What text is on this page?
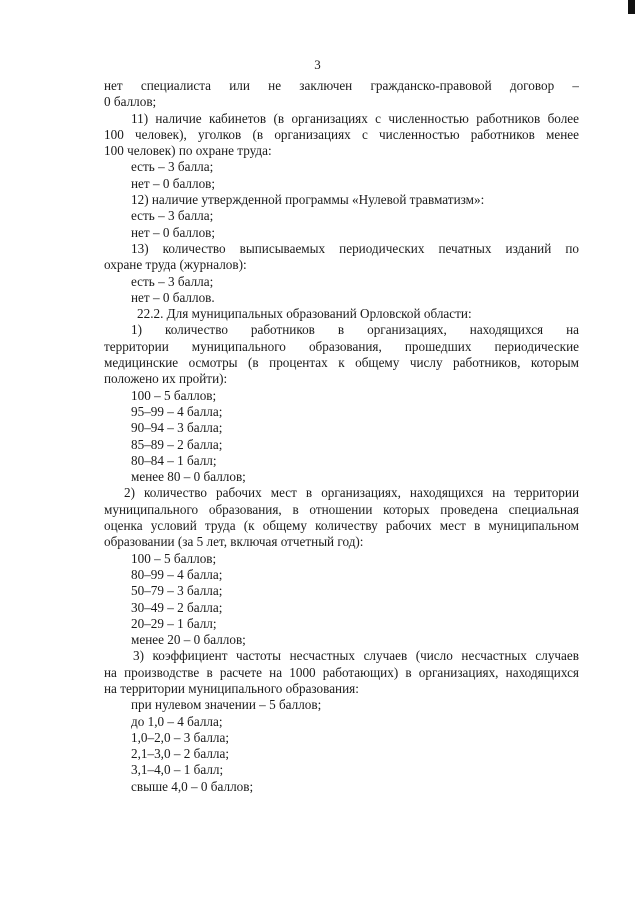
3
нет специалиста или не заключен гражданско-правовой договор –
0 баллов;
11) наличие кабинетов (в организациях с численностью работников более
100 человек), уголков (в организациях с численностью работников менее
100 человек) по охране труда:
есть – 3 балла;
нет – 0 баллов;
12) наличие утвержденной программы «Нулевой травматизм»:
есть – 3 балла;
нет – 0 баллов;
13) количество выписываемых периодических печатных изданий по
охране труда (журналов):
есть – 3 балла;
нет – 0 баллов.
22.2. Для муниципальных образований Орловской области:
1) количество работников в организациях, находящихся на
территории муниципального образования, прошедших периодические
медицинские осмотры (в процентах к общему числу работников, которым
положено их пройти):
100 – 5 баллов;
95–99 – 4 балла;
90–94 – 3 балла;
85–89 – 2 балла;
80–84 – 1 балл;
менее 80 – 0 баллов;
2) количество рабочих мест в организациях, находящихся на территории
муниципального образования, в отношении которых проведена специальная
оценка условий труда (к общему количеству рабочих мест в муниципальном
образовании (за 5 лет, включая отчетный год):
100 – 5 баллов;
80–99 – 4 балла;
50–79 – 3 балла;
30–49 – 2 балла;
20–29 – 1 балл;
менее 20 – 0 баллов;
3) коэффициент частоты несчастных случаев (число несчастных случаев
на производстве в расчете на 1000 работающих) в организациях, находящихся
на территории муниципального образования:
при нулевом значении – 5 баллов;
до 1,0 – 4 балла;
1,0–2,0 – 3 балла;
2,1–3,0 – 2 балла;
3,1–4,0 – 1 балл;
свыше 4,0 – 0 баллов;
